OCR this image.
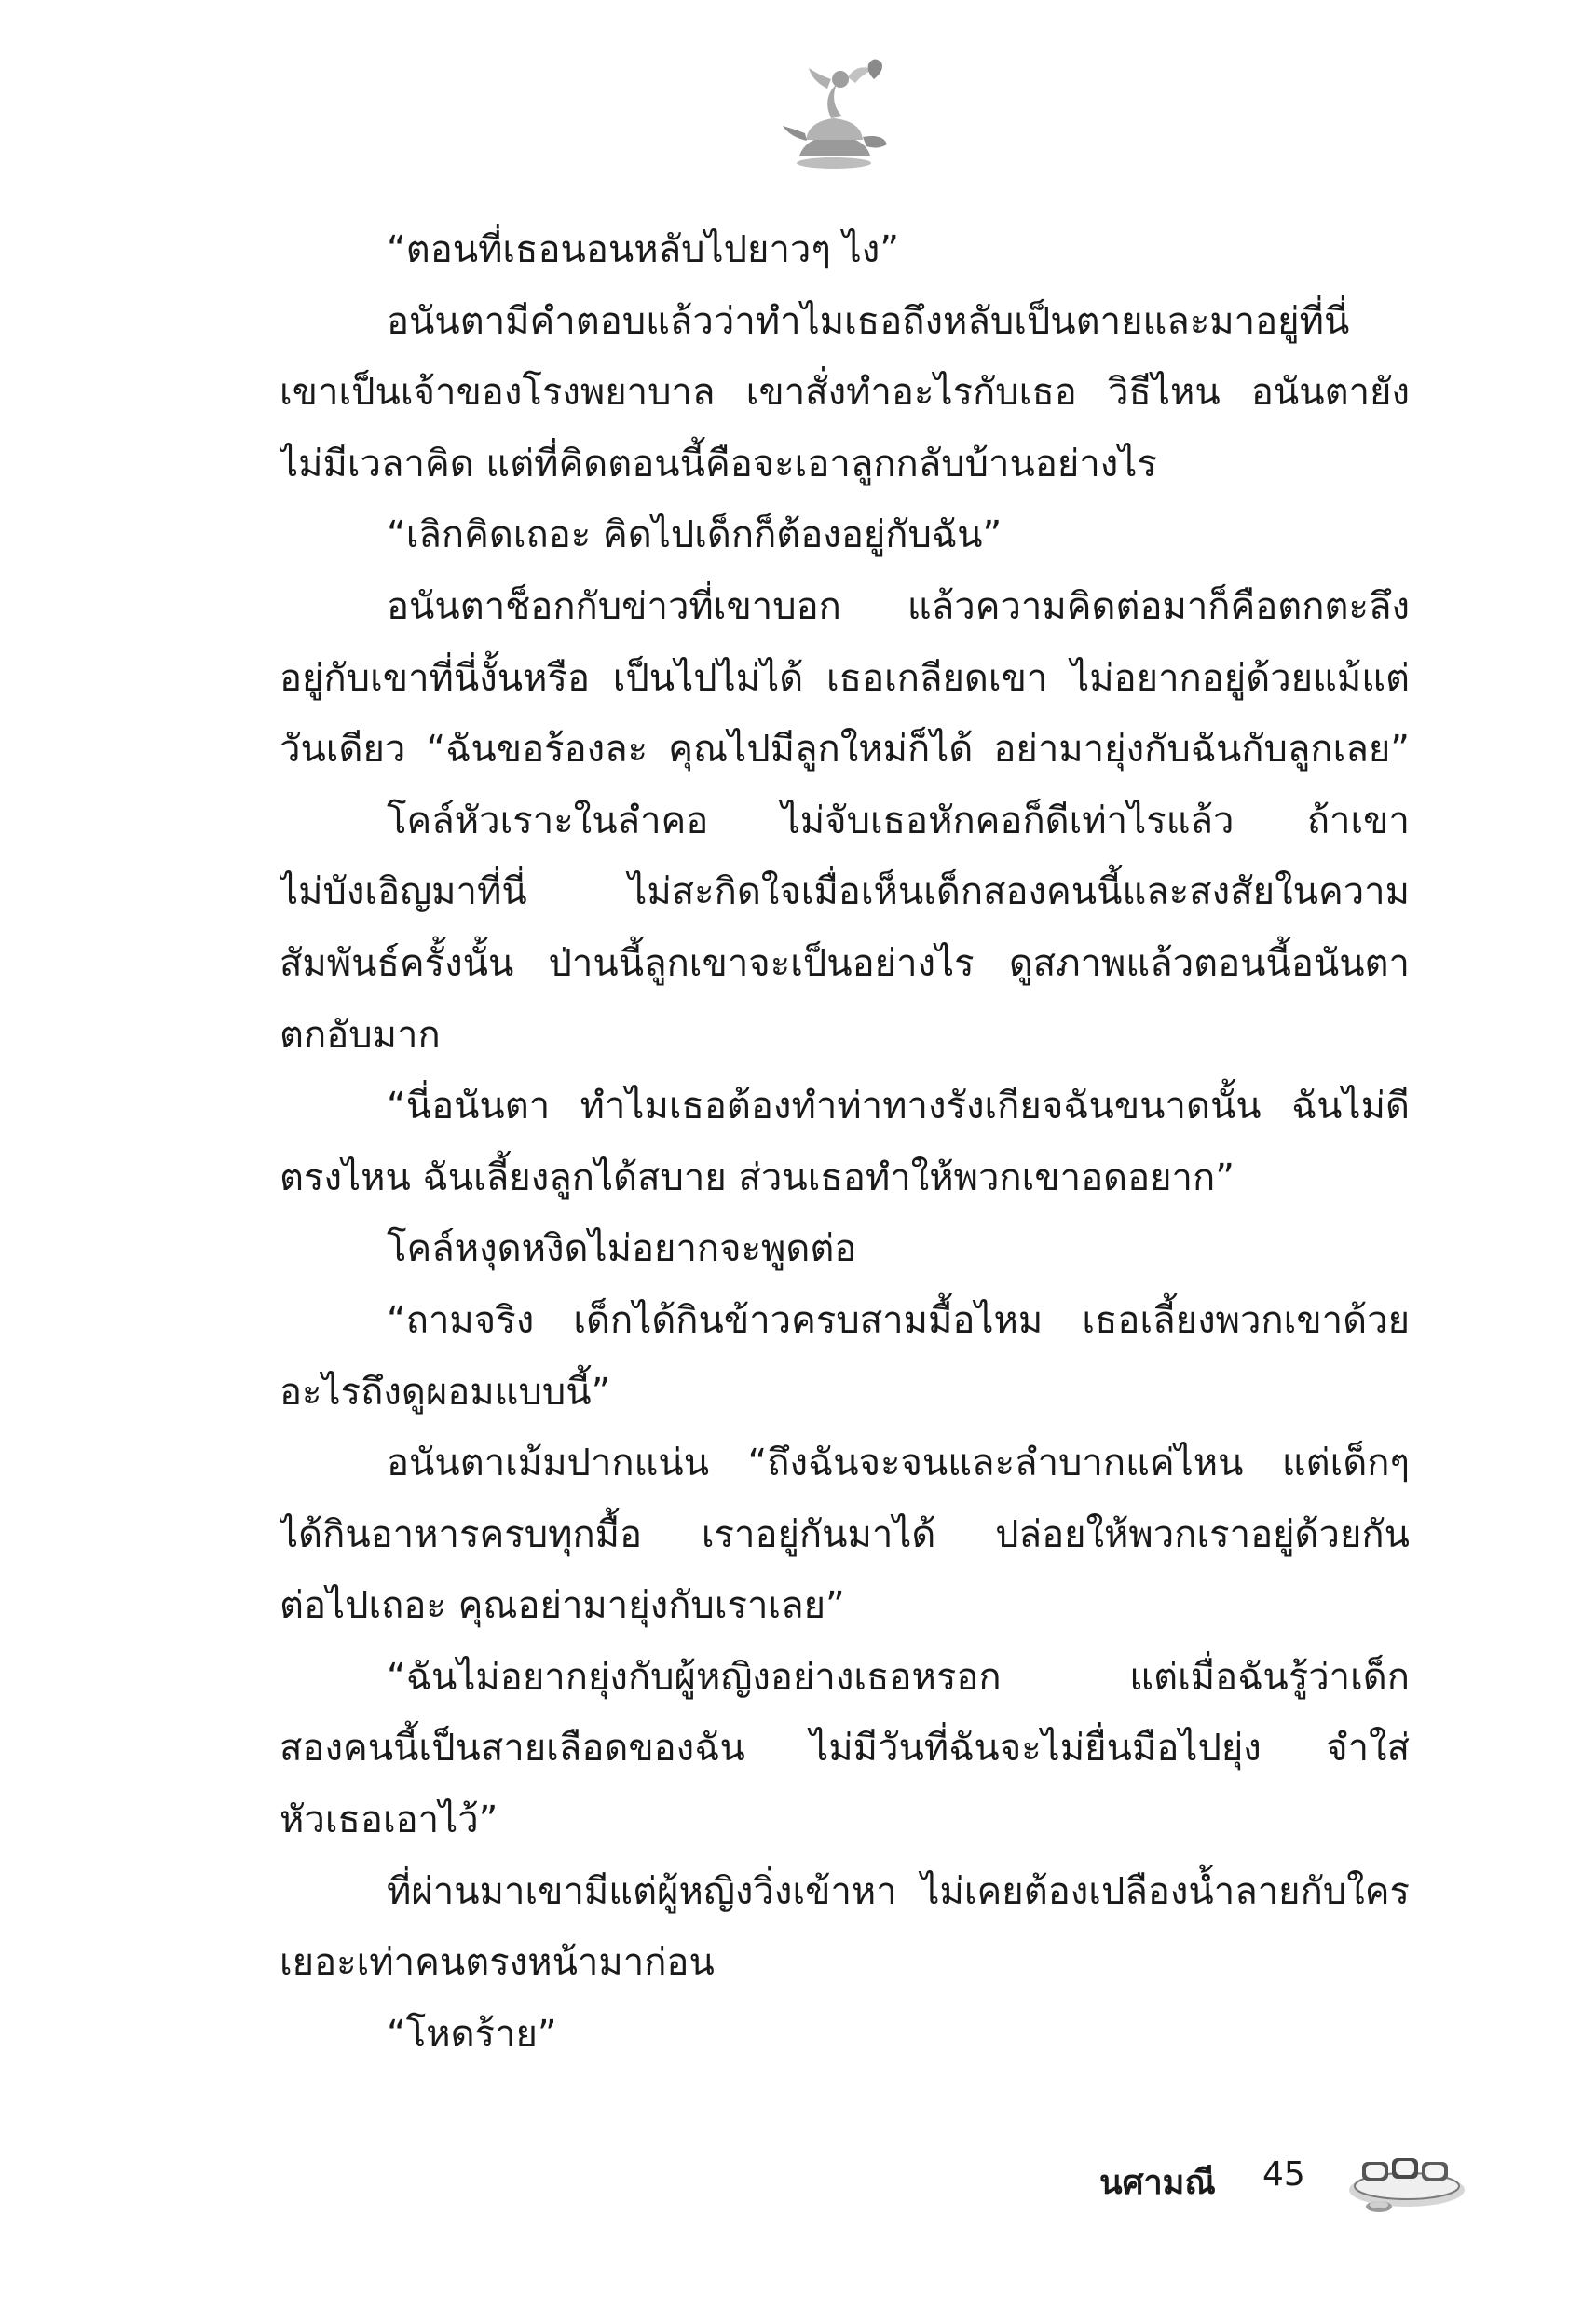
“ตอนที่เธอนอนหลับไปยาวๆ ไง”
อนันตามีคำตอบแล้วว่าทำไมเธอถึงหลับเป็นตายและมาอยู่ที่นี่
เขาเป็นเจ้าของโรงพยาบาล เขาสั่งทำอะไรกับเธอ วิธีไหน อนันตายัง
ไม่มีเวลาคิด แต่ที่คิดตอนนี้คือจะเอาลูกกลับบ้านอย่างไร
“เลิกคิดเถอะ คิดไปเด็กก็ต้องอยู่กับฉัน”
อนันตาช็อกกับข่าวที่เขาบอก แล้วความคิดต่อมาก็คือตกตะลึง
อยู่กับเขาที่นี่งั้นหรือ เป็นไปไม่ได้ เธอเกลียดเขา ไม่อยากอยู่ด้วยแม้แต่
วันเดียว “ฉันขอร้องละ คุณไปมีลูกใหม่ก็ได้ อย่ามายุ่งกับฉันกับลูกเลย”
โคล์หัวเราะในลำคอ ไม่จับเธอหักคอก็ดีเท่าไรแล้ว ถ้าเขา
ไม่บังเอิญมาที่นี่ ไม่สะกิดใจเมื่อเห็นเด็กสองคนนี้และสงสัยในความ
สัมพันธ์ครั้งนั้น ป่านนี้ลูกเขาจะเป็นอย่างไร ดูสภาพแล้วตอนนี้อนันตา
ตกอับมาก
“นี่อนันตา ทำไมเธอต้องทำท่าทางรังเกียจฉันขนาดนั้น ฉันไม่ดี
ตรงไหน ฉันเลี้ยงลูกได้สบาย ส่วนเธอทำให้พวกเขาอดอยาก”
โคล์หงุดหงิดไม่อยากจะพูดต่อ
“ถามจริง เด็กได้กินข้าวครบสามมื้อไหม เธอเลี้ยงพวกเขาด้วย
อะไรถึงดูผอมแบบนี้”
อนันตาเม้มปากแน่น “ถึงฉันจะจนและลำบากแค่ไหน แต่เด็กๆ
ได้กินอาหารครบทุกมื้อ เราอยู่กันมาได้ ปล่อยให้พวกเราอยู่ด้วยกัน
ต่อไปเถอะ คุณอย่ามายุ่งกับเราเลย”
“ฉันไม่อยากยุ่งกับผู้หญิงอย่างเธอหรอก แต่เมื่อฉันรู้ว่าเด็ก
สองคนนี้เป็นสายเลือดของฉัน ไม่มีวันที่ฉันจะไม่ยื่นมือไปยุ่ง จำใส่
หัวเธอเอาไว้”
ที่ผ่านมาเขามีแต่ผู้หญิงวิ่งเข้าหา ไม่เคยต้องเปลืองน้ำลายกับใคร
เยอะเท่าคนตรงหน้ามาก่อน
“โหดร้าย”
นศามณี 45
